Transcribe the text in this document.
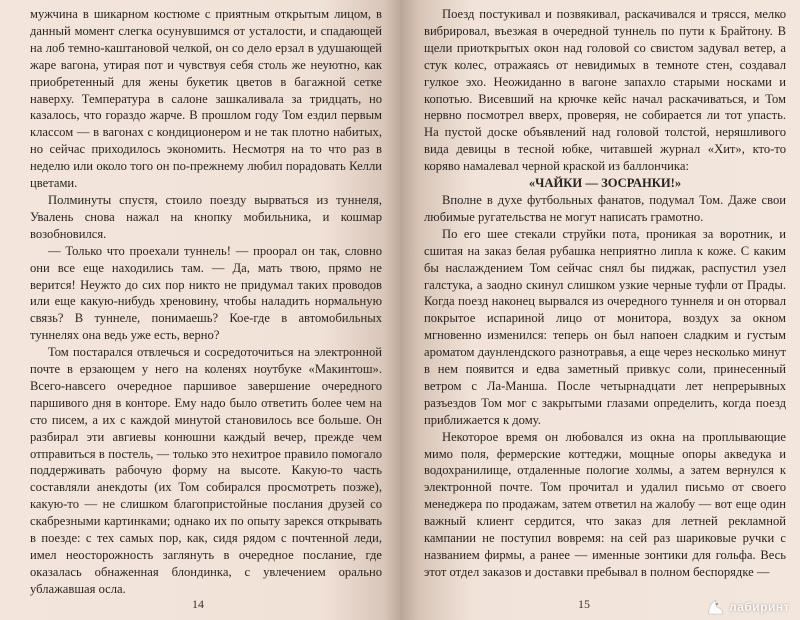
мужчина в шикарном костюме с приятным открытым лицом, в данный момент слегка осунувшимся от усталости, и спадающей на лоб темно-каштановой челкой, он со дело ерзал в удушающей жаре вагона, утирая пот и чувствуя себя столь же неуютно, как приобретенный для жены букетик цветов в багажной сетке наверху. Температура в салоне зашкаливала за тридцать, но казалось, что гораздо жарче. В прошлом году Том ездил первым классом — в вагонах с кондиционером и не так плотно набитых, но сейчас приходилось экономить. Несмотря на то что раз в неделю или около того он по-прежнему любил порадовать Келли цветами.

Полминуты спустя, стоило поезду вырваться из туннеля, Увалень снова нажал на кнопку мобильника, и кошмар возобновился.

— Только что проехали туннель! — проорал он так, словно они все еще находились там. — Да, мать твою, прямо не верится! Неужто до сих пор никто не придумал таких проводов или еще какую-нибудь хреновину, чтобы наладить нормальную связь? В туннеле, понимаешь? Кое-где в автомобильных туннелях она ведь уже есть, верно?

Том постарался отвлечься и сосредоточиться на электронной почте в ерзающем у него на коленях ноутбуке «Макинтош». Всего-навсего очередное паршивое завершение очередного паршивого дня в конторе. Ему надо было ответить более чем на сто писем, а их с каждой минутой становилось все больше. Он разбирал эти авгиевы конюшни каждый вечер, прежде чем отправиться в постель, — только это нехитрое правило помогало поддерживать рабочую форму на высоте. Какую-то часть составляли анекдоты (их Том собирался просмотреть позже), какую-то — не слишком благопристойные послания друзей со скабрезными картинками; однако их по опыту зарекся открывать в поезде: с тех самых пор, как, сидя рядом с почтенной леди, имел неосторожность заглянуть в очередное послание, где оказалась обнаженная блондинка, с увлечением орально ублажавшая осла.

14

Поезд постукивал и позвякивал, раскачивался и трясся, мелко вибрировал, въезжая в очередной туннель по пути к Брайтону. В щели приоткрытых окон над головой со свистом задувал ветер, а стук колес, отражаясь от невидимых в темноте стен, создавал гулкое эхо. Неожиданно в вагоне запахло старыми носками и копотью. Висевший на крючке кейс начал раскачиваться, и Том нервно посмотрел вверх, проверяя, не собирается ли тот упасть. На пустой доске объявлений над головой толстой, неряшливого вида девицы в тесной юбке, читавшей журнал «Хит», кто-то коряво намалевал черной краской из баллончика:

«ЧАЙКИ — ЗОСРАНКИ!»

Вполне в духе футбольных фанатов, подумал Том. Даже свои любимые ругательства не могут написать грамотно.

По его шее стекали струйки пота, проникая за воротник, и сшитая на заказ белая рубашка неприятно липла к коже. С каким бы наслаждением Том сейчас снял бы пиджак, распустил узел галстука, а заодно скинул слишком узкие черные туфли от Прады. Когда поезд наконец вырвался из очередного туннеля и он оторвал покрытое испариной лицо от монитора, воздух за окном мгновенно изменился: теперь он был напоен сладким и густым ароматом даунлендского разнотравья, а еще через несколько минут в нем появится и едва заметный привкус соли, принесенный ветром с Ла-Манша. После четырнадцати лет непрерывных разъездов Том мог с закрытыми глазами определить, когда поезд приближается к дому.

Некоторое время он любовался из окна на проплывающие мимо поля, фермерские коттеджи, мощные опоры акведука и водохранилище, отдаленные пологие холмы, а затем вернулся к электронной почте. Том прочитал и удалил письмо от своего менеджера по продажам, затем ответил на жалобу — вот еще один важный клиент сердится, что заказ для летней рекламной кампании не поступил вовремя: на сей раз шариковые ручки с названием фирмы, а ранее — именные зонтики для гольфа. Весь этот отдел заказов и доставки пребывал в полном беспорядке —

15	лабиринт
